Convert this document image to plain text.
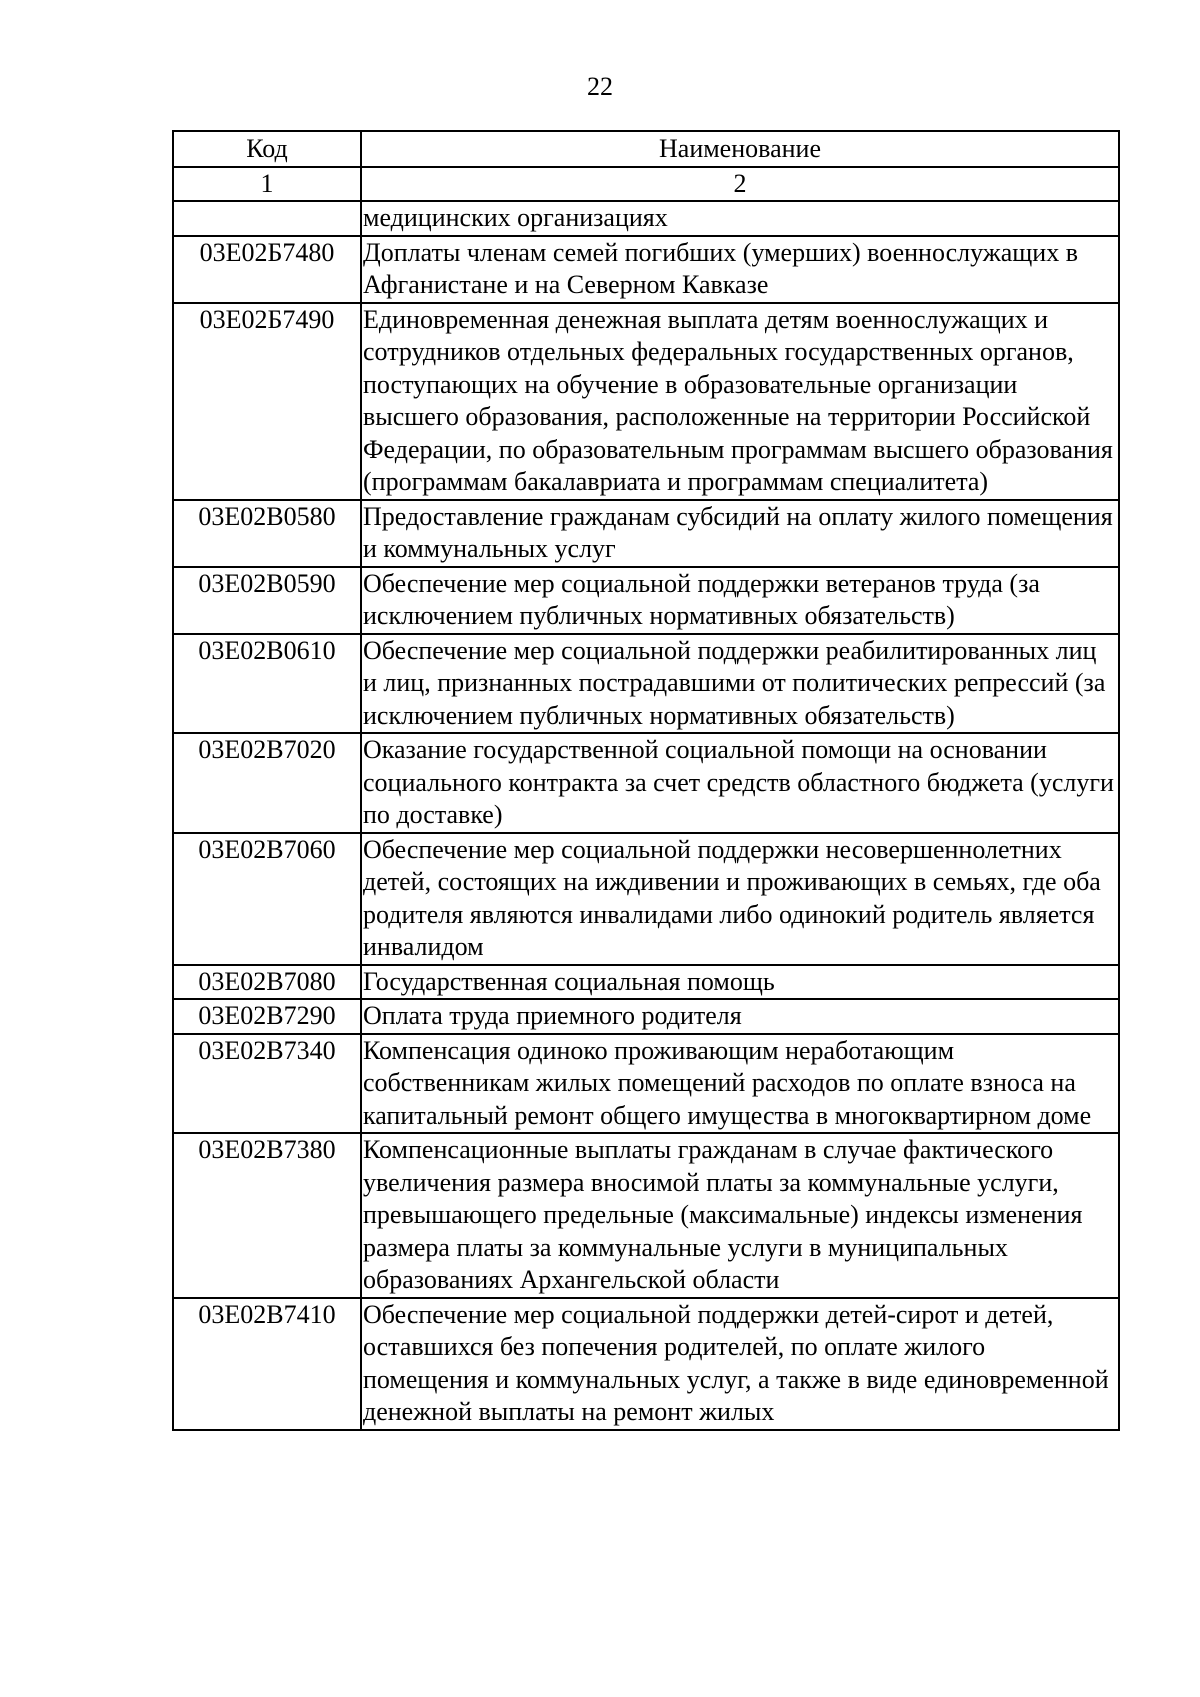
22
Код	Наименование
1	2
	медицинских организациях
03Е02Б7480	Доплаты членам семей погибших (умерших) военнослужащих в Афганистане и на Северном Кавказе
03Е02Б7490	Единовременная денежная выплата детям военнослужащих и сотрудников отдельных федеральных государственных органов, поступающих на обучение в образовательные организации высшего образования, расположенные на территории Российской Федерации, по образовательным программам высшего образования (программам бакалавриата и программам специалитета)
03Е02В0580	Предоставление гражданам субсидий на оплату жилого помещения и коммунальных услуг
03Е02В0590	Обеспечение мер социальной поддержки ветеранов труда (за исключением публичных нормативных обязательств)
03Е02В0610	Обеспечение мер социальной поддержки реабилитированных лиц и лиц, признанных пострадавшими от политических репрессий (за исключением публичных нормативных обязательств)
03Е02В7020	Оказание государственной социальной помощи на основании социального контракта за счет средств областного бюджета (услуги по доставке)
03Е02В7060	Обеспечение мер социальной поддержки несовершеннолетних детей, состоящих на иждивении и проживающих в семьях, где оба родителя являются инвалидами либо одинокий родитель является инвалидом
03Е02В7080	Государственная социальная помощь
03Е02В7290	Оплата труда приемного родителя
03Е02В7340	Компенсация одиноко проживающим неработающим собственникам жилых помещений расходов по оплате взноса на капитальный ремонт общего имущества в многоквартирном доме
03Е02В7380	Компенсационные выплаты гражданам в случае фактического увеличения размера вносимой платы за коммунальные услуги, превышающего предельные (максимальные) индексы изменения размера платы за коммунальные услуги в муниципальных образованиях Архангельской области
03Е02В7410	Обеспечение мер социальной поддержки детей-сирот и детей, оставшихся без попечения родителей, по оплате жилого помещения и коммунальных услуг, а также в виде единовременной денежной выплаты на ремонт жилых
